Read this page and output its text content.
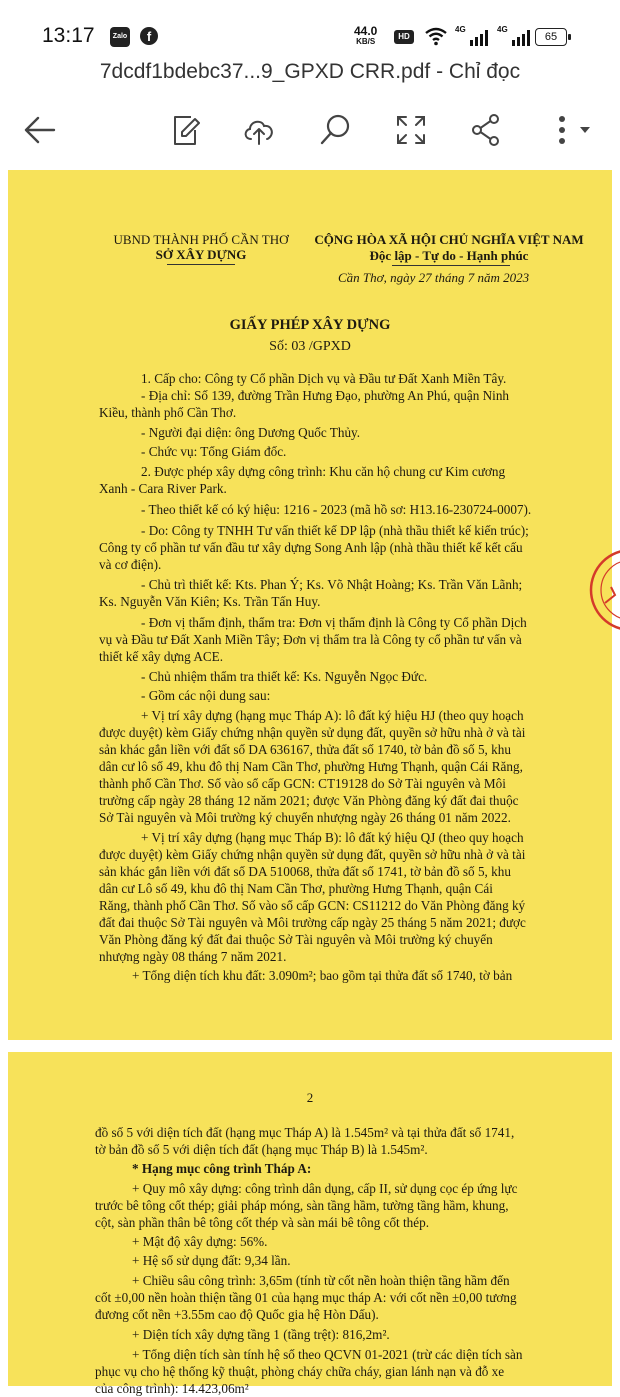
13:17	Zalo	f	44.0
KB/S
HD
4G	4G
65
7dcdf1bdebc37...9_GPXD CRR.pdf - Chỉ đọc
UBND THÀNH PHỐ CẦN THƠ
SỞ XÂY DỰNG
CỘNG HÒA XÃ HỘI CHỦ NGHĨA VIỆT NAM
Độc lập - Tự do - Hạnh phúc
Cần Thơ, ngày 27 tháng 7 năm 2023
GIẤY PHÉP XÂY DỰNG
Số: 03 /GPXD
1. Cấp cho: Công ty Cổ phần Dịch vụ và Đầu tư Đất Xanh Miền Tây.
- Địa chỉ: Số 139, đường Trần Hưng Đạo, phường An Phú, quận Ninh
Kiều, thành phố Cần Thơ.
- Người đại diện: ông Dương Quốc Thủy.
- Chức vụ: Tổng Giám đốc.
2. Được phép xây dựng công trình: Khu căn hộ chung cư Kim cương
Xanh - Cara River Park.
- Theo thiết kế có ký hiệu: 1216 - 2023 (mã hồ sơ: H13.16-230724-0007).
- Do: Công ty TNHH Tư vấn thiết kế DP lập (nhà thầu thiết kế kiến trúc);
Công ty cổ phần tư vấn đầu tư xây dựng Song Anh lập (nhà thầu thiết kế kết cấu
và cơ điện).
- Chủ trì thiết kế: Kts. Phan Ý; Ks. Võ Nhật Hoàng; Ks. Trần Văn Lãnh;
Ks. Nguyễn Văn Kiên; Ks. Trần Tấn Huy.
- Đơn vị thẩm định, thẩm tra: Đơn vị thẩm định là Công ty Cổ phần Dịch
vụ và Đầu tư Đất Xanh Miền Tây; Đơn vị thẩm tra là Công ty cổ phần tư vấn và
thiết kế xây dựng ACE.
- Chủ nhiệm thẩm tra thiết kế: Ks. Nguyễn Ngọc Đức.
- Gồm các nội dung sau:
+ Vị trí xây dựng (hạng mục Tháp A): lô đất ký hiệu HJ (theo quy hoạch
được duyệt) kèm Giấy chứng nhận quyền sử dụng đất, quyền sở hữu nhà ở và tài
sản khác gắn liền với đất số DA 636167, thửa đất số 1740, tờ bản đồ số 5, khu
dân cư lô số 49, khu đô thị Nam Cần Thơ, phường Hưng Thạnh, quận Cái Răng,
thành phố Cần Thơ. Số vào sổ cấp GCN: CT19128 do Sở Tài nguyên và Môi
trường cấp ngày 28 tháng 12 năm 2021; được Văn Phòng đăng ký đất đai thuộc
Sở Tài nguyên và Môi trường ký chuyển nhượng ngày 26 tháng 01 năm 2022.
+ Vị trí xây dựng (hạng mục Tháp B): lô đất ký hiệu QJ (theo quy hoạch
được duyệt) kèm Giấy chứng nhận quyền sử dụng đất, quyền sở hữu nhà ở và tài
sản khác gắn liền với đất số DA 510068, thửa đất số 1741, tờ bản đồ số 5, khu
dân cư Lô số 49, khu đô thị Nam Cần Thơ, phường Hưng Thạnh, quận Cái
Răng, thành phố Cần Thơ. Số vào sổ cấp GCN: CS11212 do Văn Phòng đăng ký
đất đai thuộc Sở Tài nguyên và Môi trường cấp ngày 25 tháng 5 năm 2021; được
Văn Phòng đăng ký đất đai thuộc Sở Tài nguyên và Môi trường ký chuyển
nhượng ngày 08 tháng 7 năm 2021.
+ Tổng diện tích khu đất: 3.090m²; bao gồm tại thửa đất số 1740, tờ bản
2
đồ số 5 với diện tích đất (hạng mục Tháp A) là 1.545m² và tại thửa đất số 1741,
tờ bản đồ số 5 với diện tích đất (hạng mục Tháp B) là 1.545m².
* Hạng mục công trình Tháp A:
+ Quy mô xây dựng: công trình dân dụng, cấp II, sử dụng cọc ép ứng lực
trước bê tông cốt thép; giải pháp móng, sàn tầng hầm, tường tầng hầm, khung,
cột, sàn phần thân bê tông cốt thép và sàn mái bê tông cốt thép.
+ Mật độ xây dựng: 56%.
+ Hệ số sử dụng đất: 9,34 lần.
+ Chiều sâu công trình: 3,65m (tính từ cốt nền hoàn thiện tầng hầm đến
cốt ±0,00 nền hoàn thiện tầng 01 của hạng mục tháp A: với cốt nền ±0,00 tương
đương cốt nền +3.55m cao độ Quốc gia hệ Hòn Dấu).
+ Diện tích xây dựng tầng 1 (tầng trệt): 816,2m².
+ Tổng diện tích sàn tính hệ số theo QCVN 01-2021 (trừ các diện tích sàn
phục vụ cho hệ thống kỹ thuật, phòng cháy chữa cháy, gian lánh nạn và đỗ xe
của công trình): 14.423,06m²
